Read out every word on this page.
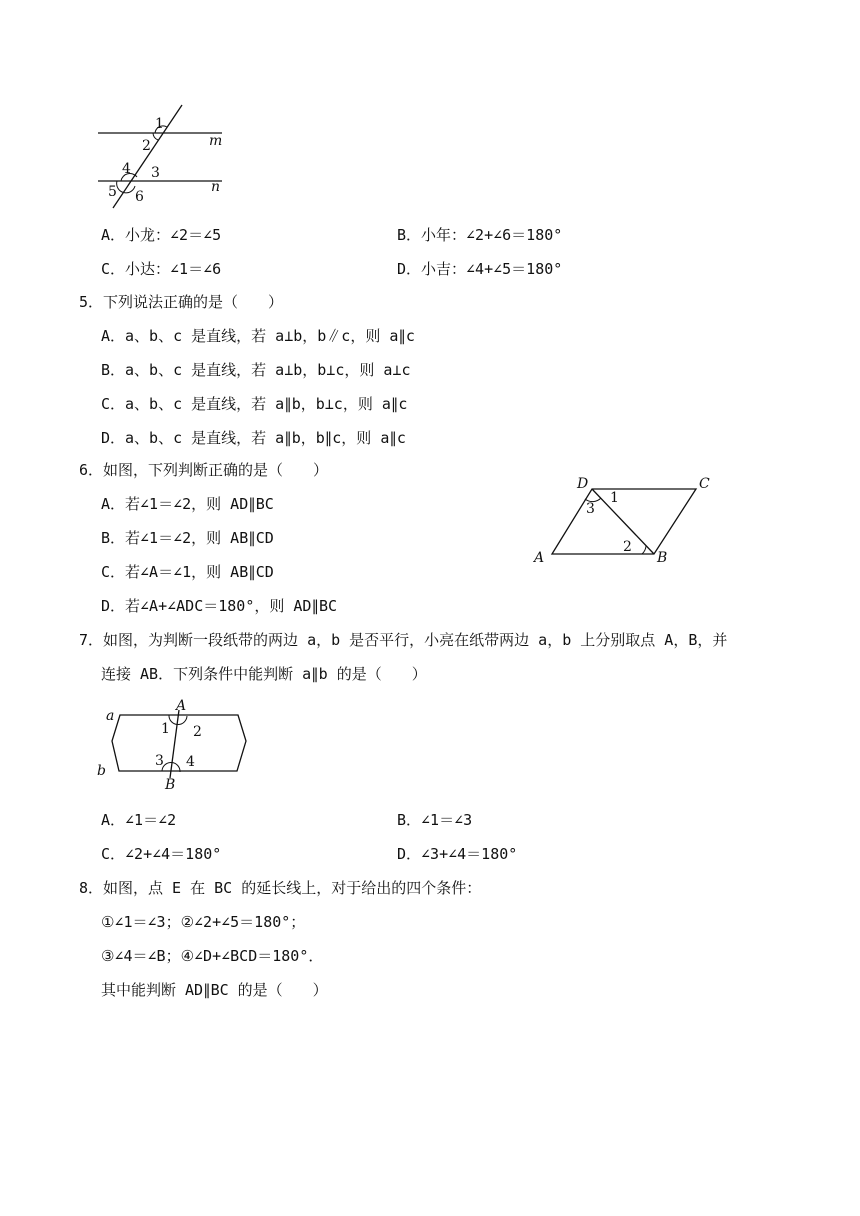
1
2
3
4
5 6
m
n
A．小龙：∠2＝∠5	B．小年：∠2+∠6＝180°
C．小达：∠1＝∠6	D．小吉：∠4+∠5＝180°
5．下列说法正确的是（　　）
A．a、b、c 是直线，若 a⊥b，b∥c，则 a∥c
B．a、b、c 是直线，若 a⊥b，b⊥c，则 a⊥c
C．a、b、c 是直线，若 a∥b，b⊥c，则 a∥c
D．a、b、c 是直线，若 a∥b，b∥c，则 a∥c
6．如图，下列判断正确的是（　　）
D	C
A	B
1
3
2
A．若∠1＝∠2，则 AD∥BC
B．若∠1＝∠2，则 AB∥CD
C．若∠A＝∠1，则 AB∥CD
D．若∠A+∠ADC＝180°，则 AD∥BC
7．如图，为判断一段纸带的两边 a，b 是否平行，小亮在纸带两边 a，b 上分别取点 A，B，并
连接 AB．下列条件中能判断 a∥b 的是（　　）
a
b
A
B
1 2
3 4
A．∠1＝∠2	B．∠1＝∠3
C．∠2+∠4＝180°	D．∠3+∠4＝180°
8．如图，点 E 在 BC 的延长线上，对于给出的四个条件：
①∠1＝∠3；②∠2+∠5＝180°；
③∠4＝∠B；④∠D+∠BCD＝180°．
其中能判断 AD∥BC 的是（　　）
